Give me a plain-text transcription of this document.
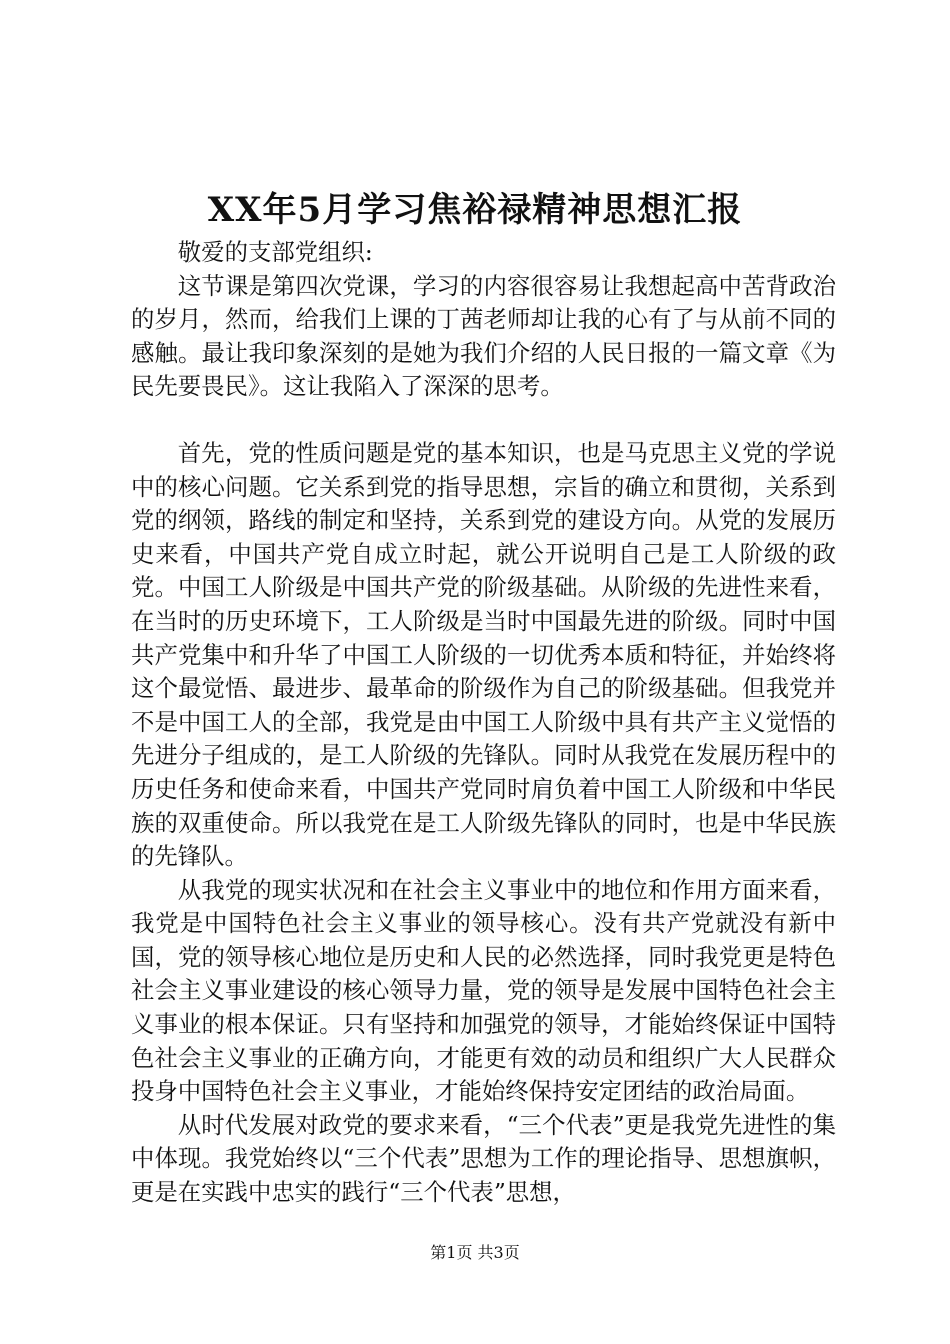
XX年5月学习焦裕禄精神思想汇报

敬爱的支部党组织:

这节课是第四次党课，学习的内容很容易让我想起高中苦背政治的岁月，然而，给我们上课的丁茜老师却让我的心有了与从前不同的感触。最让我印象深刻的是她为我们介绍的人民日报的一篇文章《为民先要畏民》。这让我陷入了深深的思考。

首先，党的性质问题是党的基本知识，也是马克思主义党的学说中的核心问题。它关系到党的指导思想，宗旨的确立和贯彻，关系到党的纲领，路线的制定和坚持，关系到党的建设方向。从党的发展历史来看，中国共产党自成立时起，就公开说明自己是工人阶级的政党。中国工人阶级是中国共产党的阶级基础。从阶级的先进性来看，在当时的历史环境下，工人阶级是当时中国最先进的阶级。同时中国共产党集中和升华了中国工人阶级的一切优秀本质和特征，并始终将这个最觉悟、最进步、最革命的阶级作为自己的阶级基础。但我党并不是中国工人的全部，我党是由中国工人阶级中具有共产主义觉悟的先进分子组成的，是工人阶级的先锋队。同时从我党在发展历程中的历史任务和使命来看，中国共产党同时肩负着中国工人阶级和中华民族的双重使命。所以我党在是工人阶级先锋队的同时，也是中华民族的先锋队。

从我党的现实状况和在社会主义事业中的地位和作用方面来看，我党是中国特色社会主义事业的领导核心。没有共产党就没有新中国，党的领导核心地位是历史和人民的必然选择，同时我党更是特色社会主义事业建设的核心领导力量，党的领导是发展中国特色社会主义事业的根本保证。只有坚持和加强党的领导，才能始终保证中国特色社会主义事业的正确方向，才能更有效的动员和组织广大人民群众投身中国特色社会主义事业，才能始终保持安定团结的政治局面。

从时代发展对政党的要求来看，“三个代表”更是我党先进性的集中体现。我党始终以“三个代表”思想为工作的理论指导、思想旗帜，更是在实践中忠实的践行“三个代表”思想，

第1页 共3页
